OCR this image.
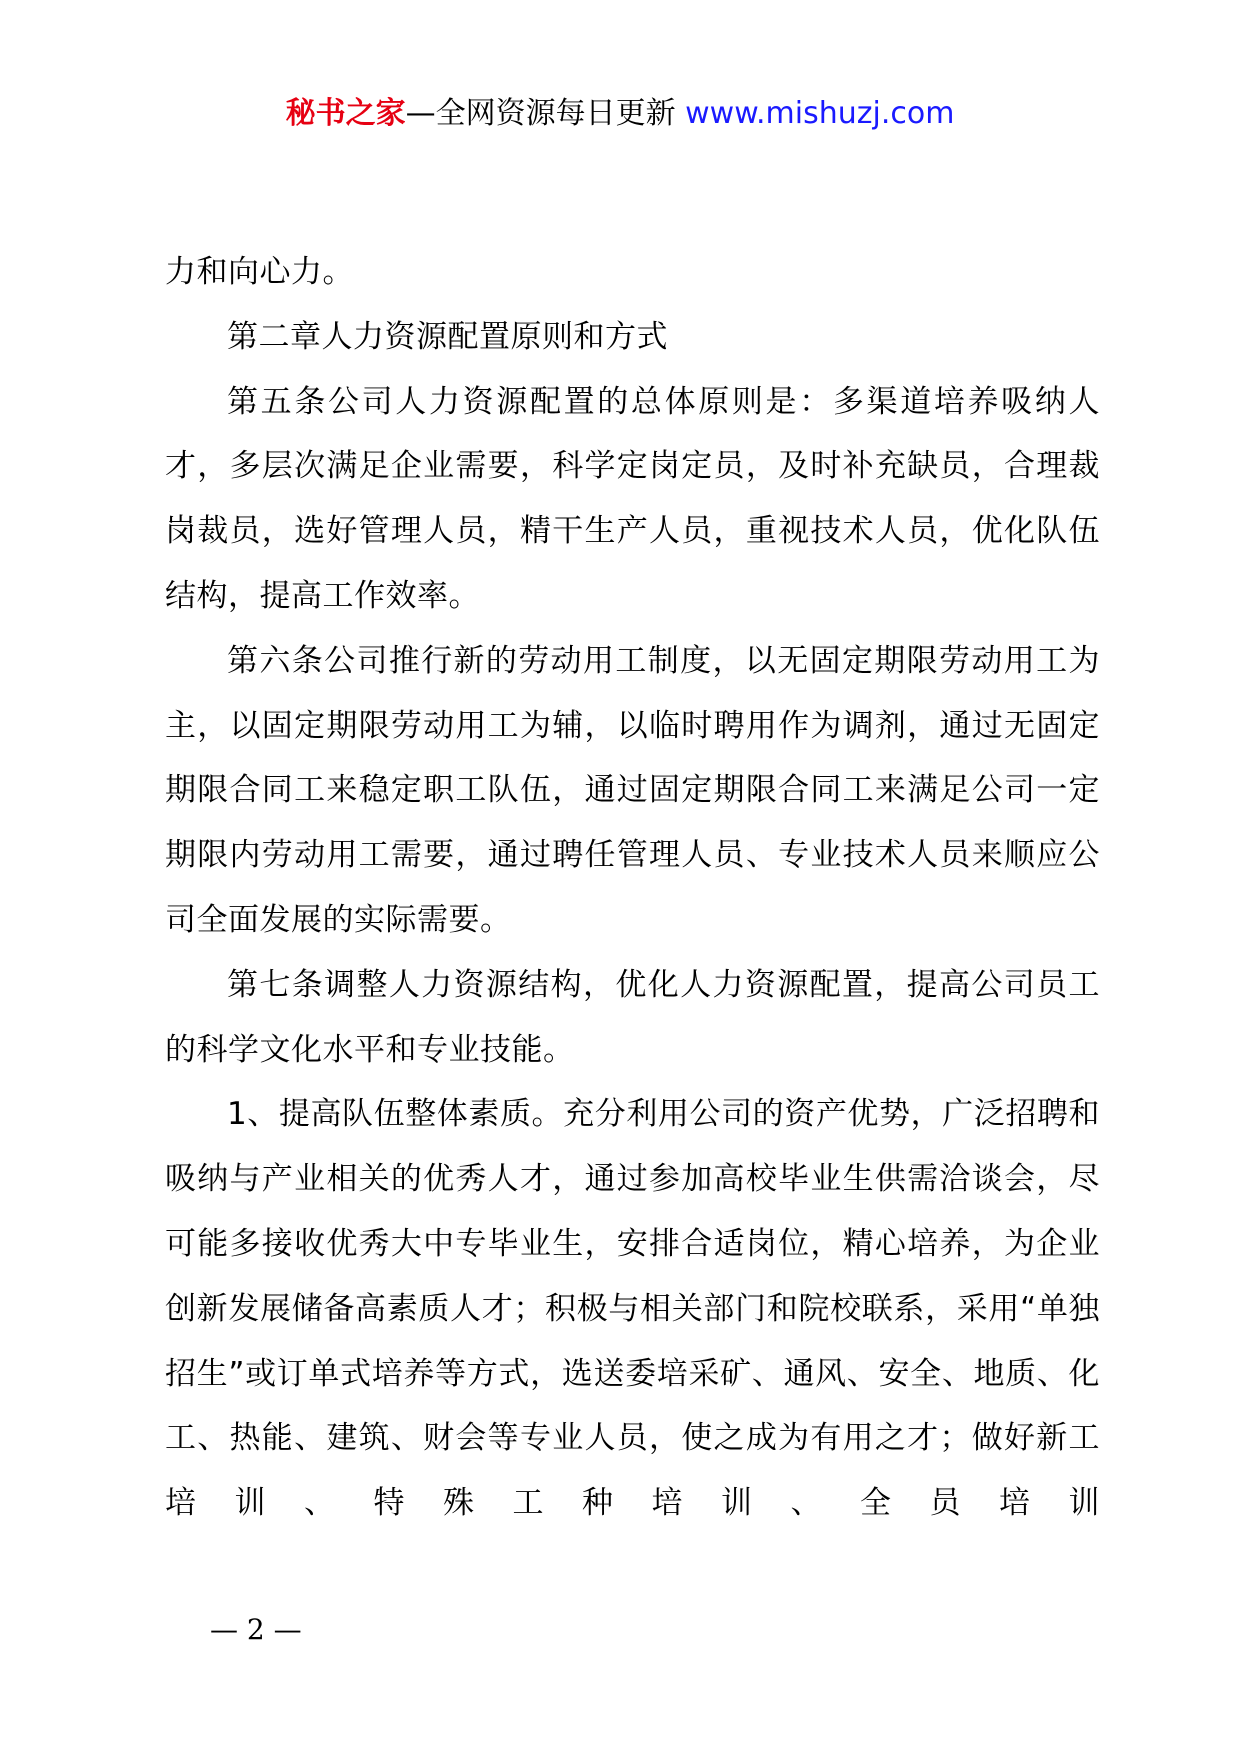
秘书之家—全网资源每日更新 www.mishuzj.com

力和向心力。

第二章人力资源配置原则和方式

第五条公司人力资源配置的总体原则是：多渠道培养吸纳人才，多层次满足企业需要，科学定岗定员，及时补充缺员，合理裁岗裁员，选好管理人员，精干生产人员，重视技术人员，优化队伍结构，提高工作效率。

第六条公司推行新的劳动用工制度，以无固定期限劳动用工为主，以固定期限劳动用工为辅，以临时聘用作为调剂，通过无固定期限合同工来稳定职工队伍，通过固定期限合同工来满足公司一定期限内劳动用工需要，通过聘任管理人员、专业技术人员来顺应公司全面发展的实际需要。

第七条调整人力资源结构，优化人力资源配置，提高公司员工的科学文化水平和专业技能。

1、提高队伍整体素质。充分利用公司的资产优势，广泛招聘和吸纳与产业相关的优秀人才，通过参加高校毕业生供需洽谈会，尽可能多接收优秀大中专毕业生，安排合适岗位，精心培养，为企业创新发展储备高素质人才；积极与相关部门和院校联系，采用“单独招生”或订单式培养等方式，选送委培采矿、通风、安全、地质、化工、热能、建筑、财会等专业人员，使之成为有用之才；做好新工培训、特殊工种培训、全员培训

— 2 —
